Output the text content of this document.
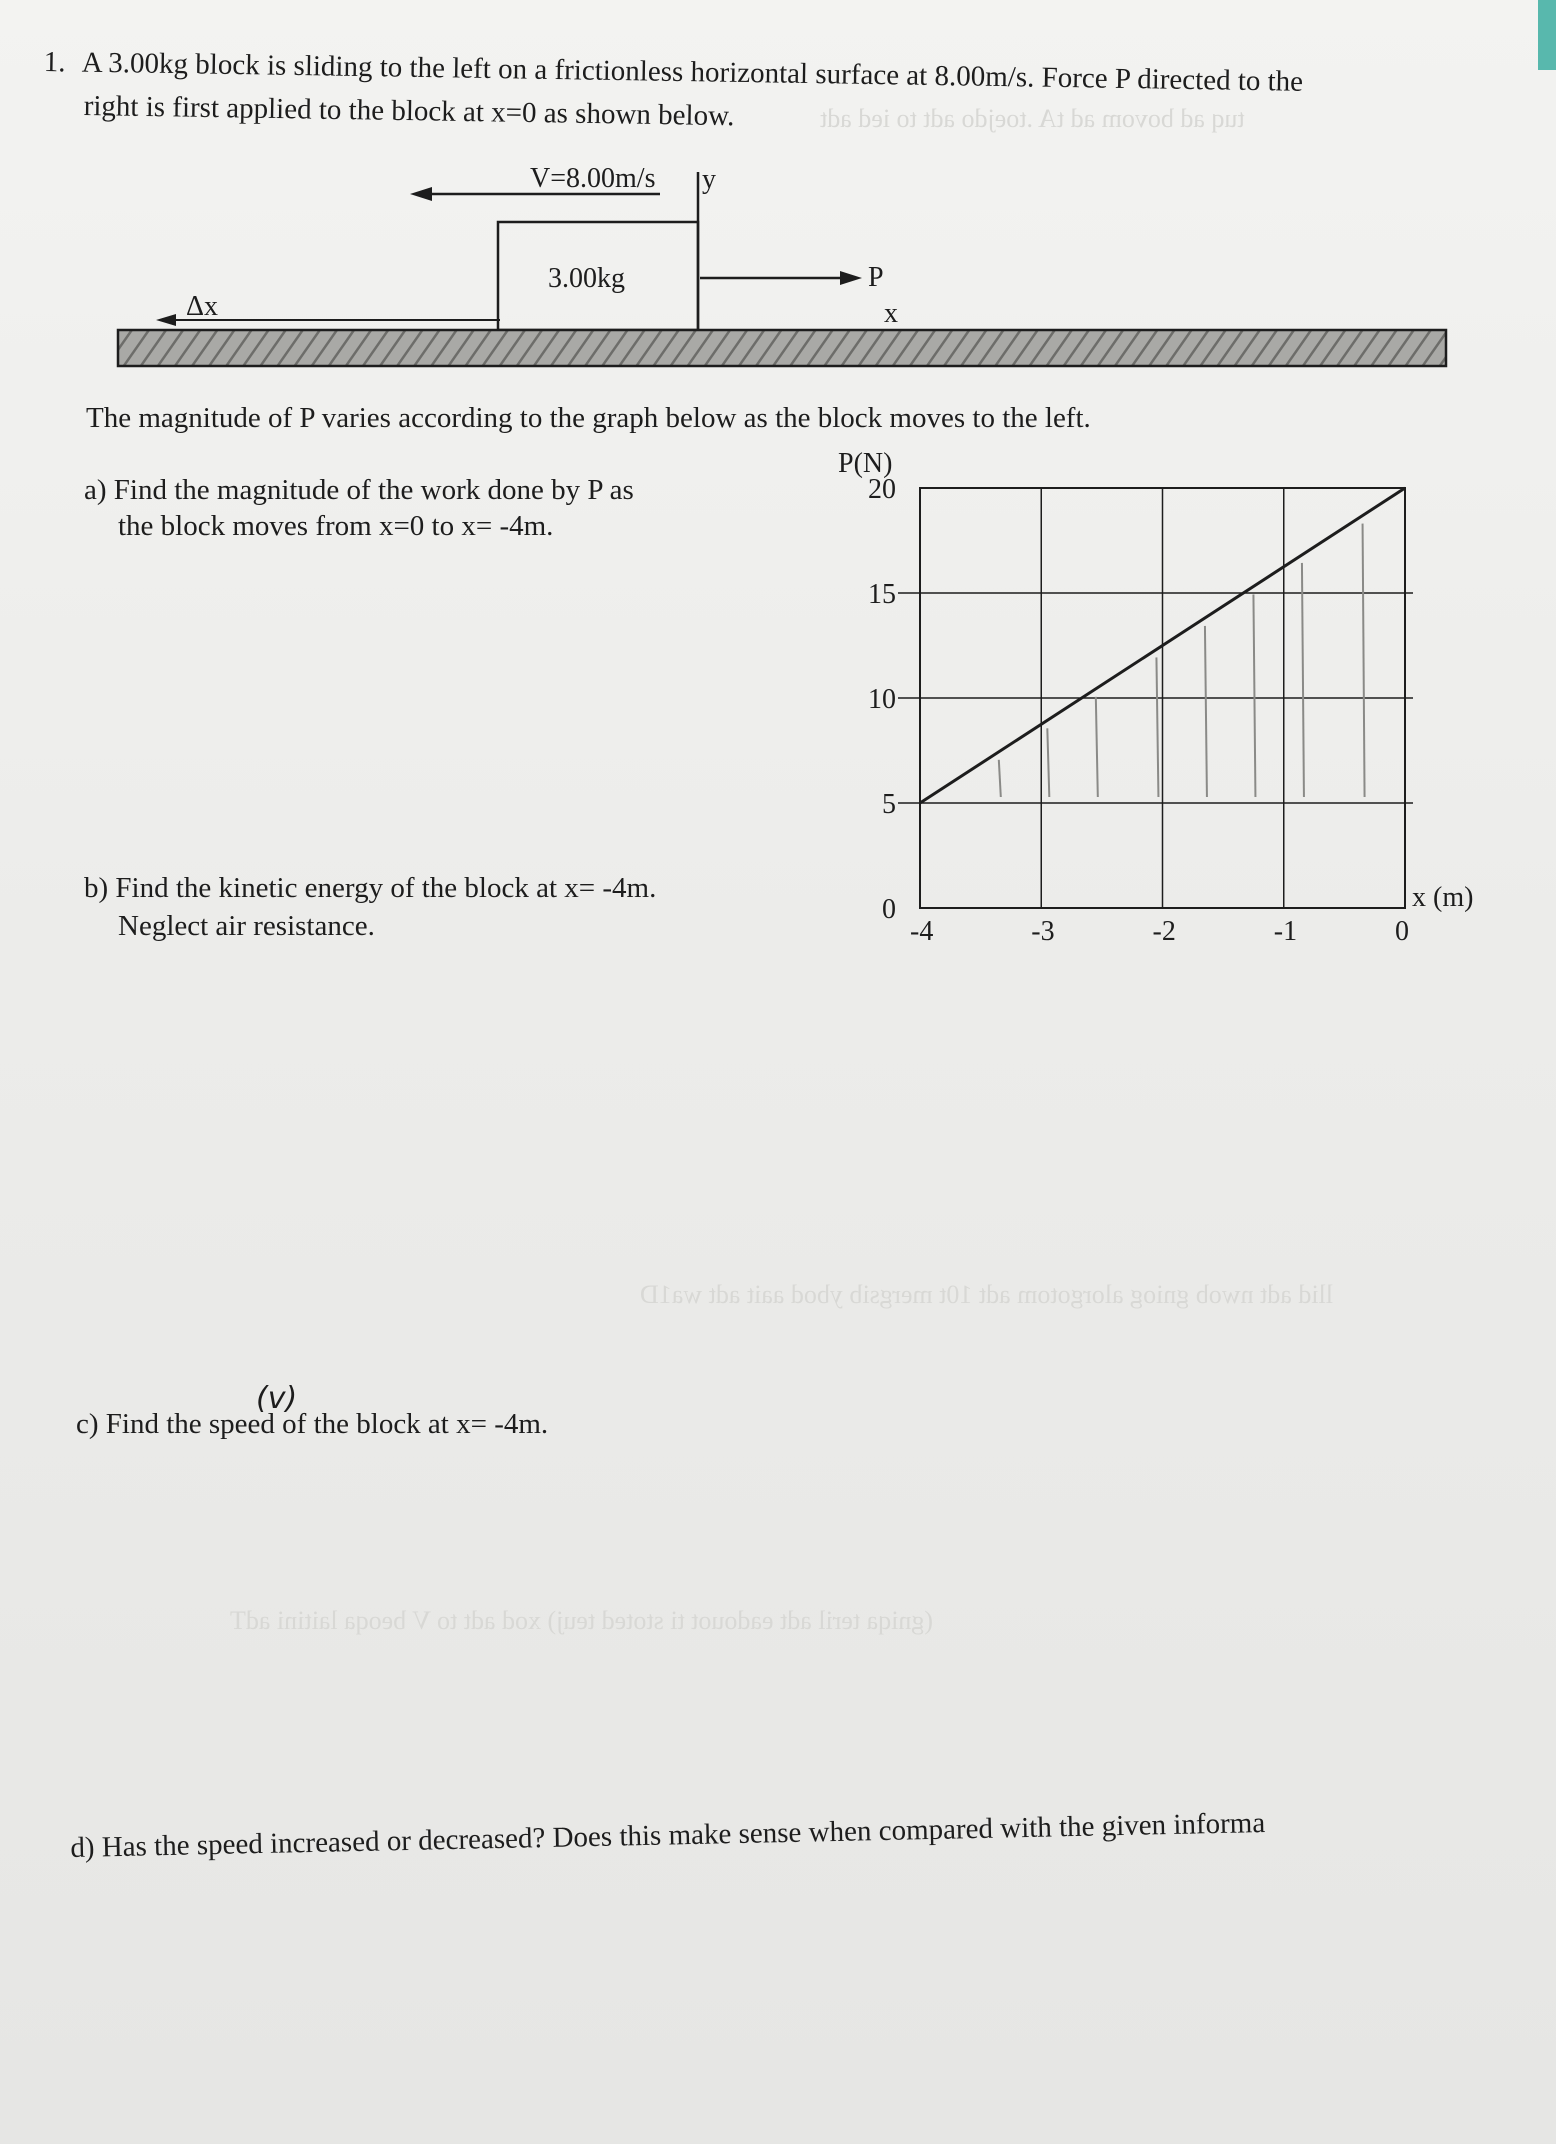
tuq ad bovom ad tA .toejdo adt to ied adt
llid adt nwob gniog alorgotom adt 10t mergsib ybod aait adt wa1D
(gniqa teril adt eadouot ti stoted teuj) xod adt to V beoqa laitini adT
1. A 3.00kg block is sliding to the left on a frictionless horizontal surface at 8.00m/s. Force P directed to the
right is first applied to the block at x=0 as shown below.
V=8.00m/s y
3.00kg	P
x
Δx
The magnitude of P varies according to the graph below as the block moves to the left.
a) Find the magnitude of the work done by P as
the block moves from x=0 to x= -4m.
-4	-3	-2	-1	0
0
5
10
15
20
P(N)
x (m)
b) Find the kinetic energy of the block at x= -4m.
Neglect air resistance.
c) Find the speed of the block at x= -4m.
(v)
d) Has the speed increased or decreased? Does this make sense when compared with the given informa
